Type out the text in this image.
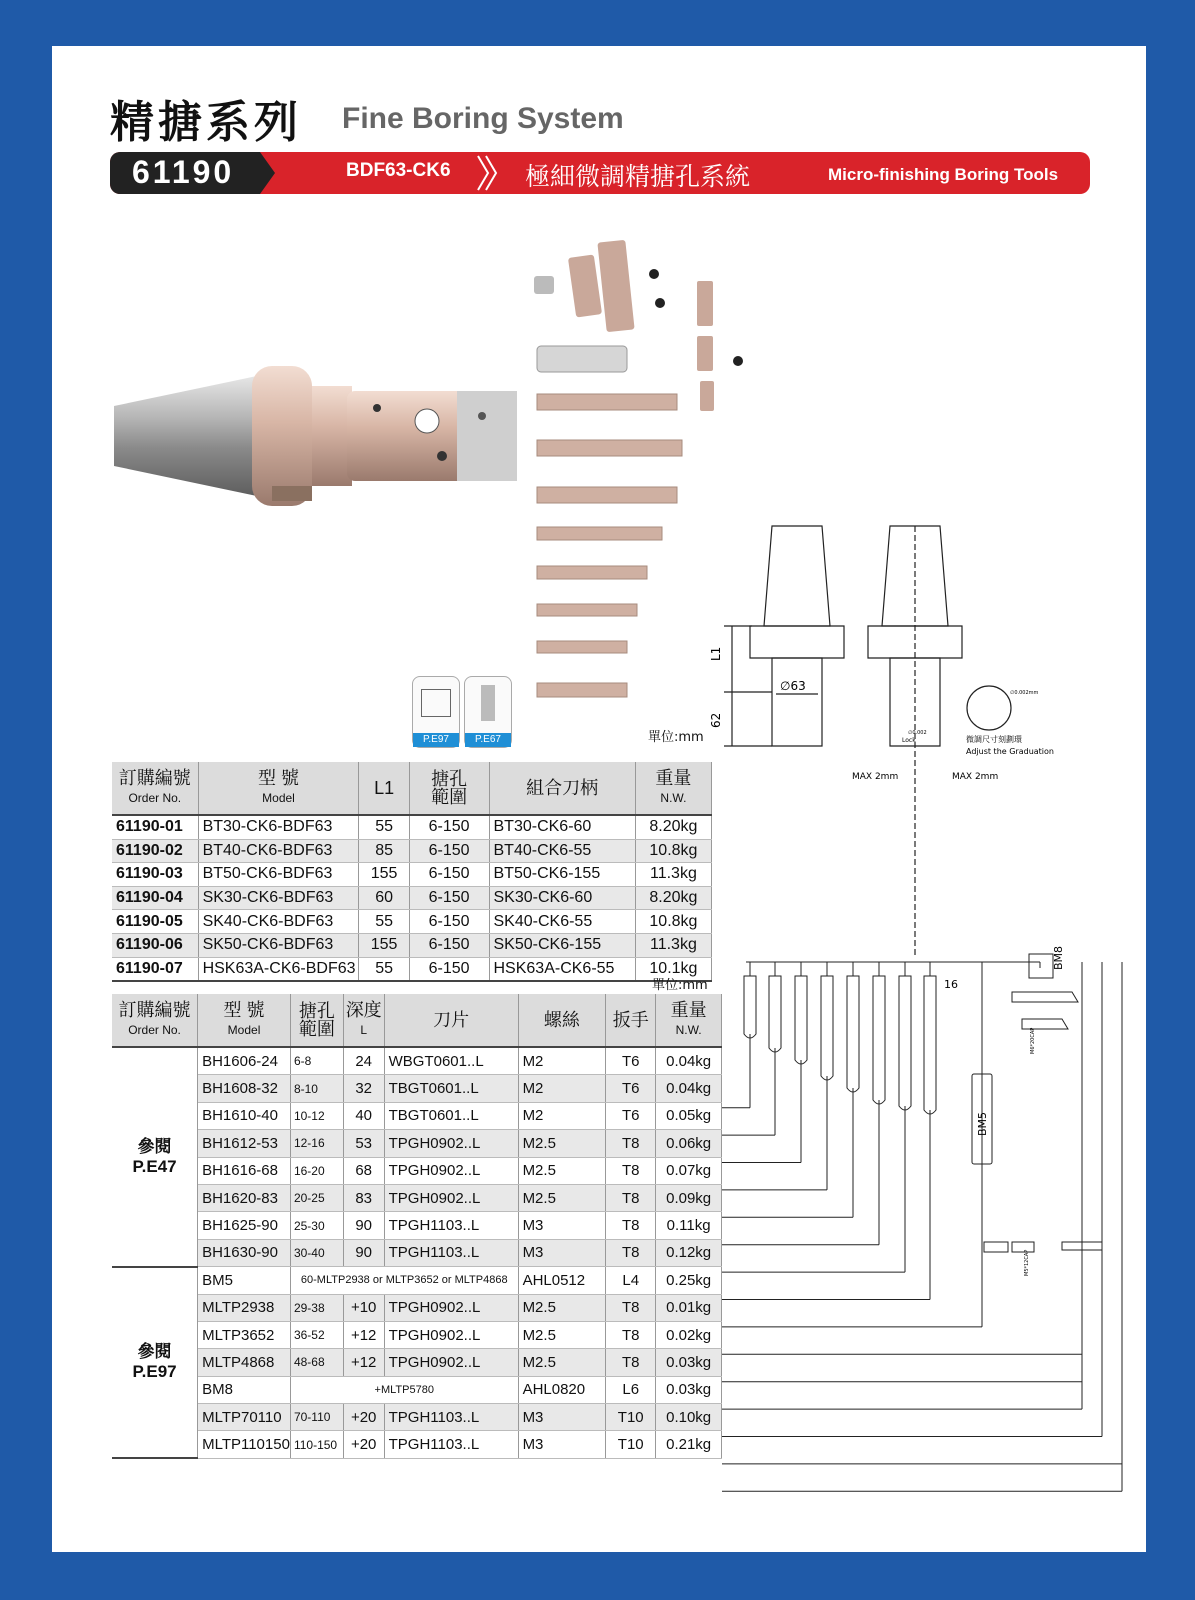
精搪系列 Fine Boring System
61190	BDF63-CK6	極細微調精搪孔系統	Micro-finishing Boring Tools
P.E97	P.E67	單位:mm
L1
62
∅63
∅0.002
Lock
∅0.002mm
微調尺寸刻劃環
Adjust the Graduation
MAX 2mm	MAX 2mm
訂購編號
Order No.	型 號
Model	L1	搪孔
範圍	組合刀柄	重量
N.W.
61190-01	BT30-CK6-BDF63	55	6-150	BT30-CK6-60	8.20kg
61190-02	BT40-CK6-BDF63	85	6-150	BT40-CK6-55	10.8kg
61190-03	BT50-CK6-BDF63	155	6-150	BT50-CK6-155	11.3kg
61190-04	SK30-CK6-BDF63	60	6-150	SK30-CK6-60	8.20kg
61190-05	SK40-CK6-BDF63	55	6-150	SK40-CK6-55	10.8kg
61190-06	SK50-CK6-BDF63	155	6-150	SK50-CK6-155	11.3kg
61190-07	HSK63A-CK6-BDF63	55	6-150	HSK63A-CK6-55	10.1kg
單位:mm
訂購編號
Order No.	型 號
Model	搪孔
範圍	深度
L	刀片	螺絲	扳手	重量
N.W.
參閱
P.E47	BH1606-24	6-8	24	WBGT0601..L	M2	T6	0.04kg
	BH1608-32	8-10	32	TBGT0601..L	M2	T6	0.04kg
	BH1610-40	10-12	40	TBGT0601..L	M2	T6	0.05kg
	BH1612-53	12-16	53	TPGH0902..L	M2.5	T8	0.06kg
	BH1616-68	16-20	68	TPGH0902..L	M2.5	T8	0.07kg
	BH1620-83	20-25	83	TPGH0902..L	M2.5	T8	0.09kg
	BH1625-90	25-30	90	TPGH1103..L	M3	T8	0.11kg
	BH1630-90	30-40	90	TPGH1103..L	M3	T8	0.12kg
參閱
P.E97	BM5	60-MLTP2938 or MLTP3652 or MLTP4868			AHL0512	L4	0.25kg
	MLTP2938	29-38	+10	TPGH0902..L	M2.5	T8	0.01kg
	MLTP3652	36-52	+12	TPGH0902..L	M2.5	T8	0.02kg
	MLTP4868	48-68	+12	TPGH0902..L	M2.5	T8	0.03kg
	BM8	+MLTP5780			AHL0820	L6	0.03kg
	MLTP70110	70-110	+20	TPGH1103..L	M3	T10	0.10kg
	MLTP110150	110-150	+20	TPGH1103..L	M3	T10	0.21kg
BM8
BM5
16
M6*20CAP
M5*12CAP
